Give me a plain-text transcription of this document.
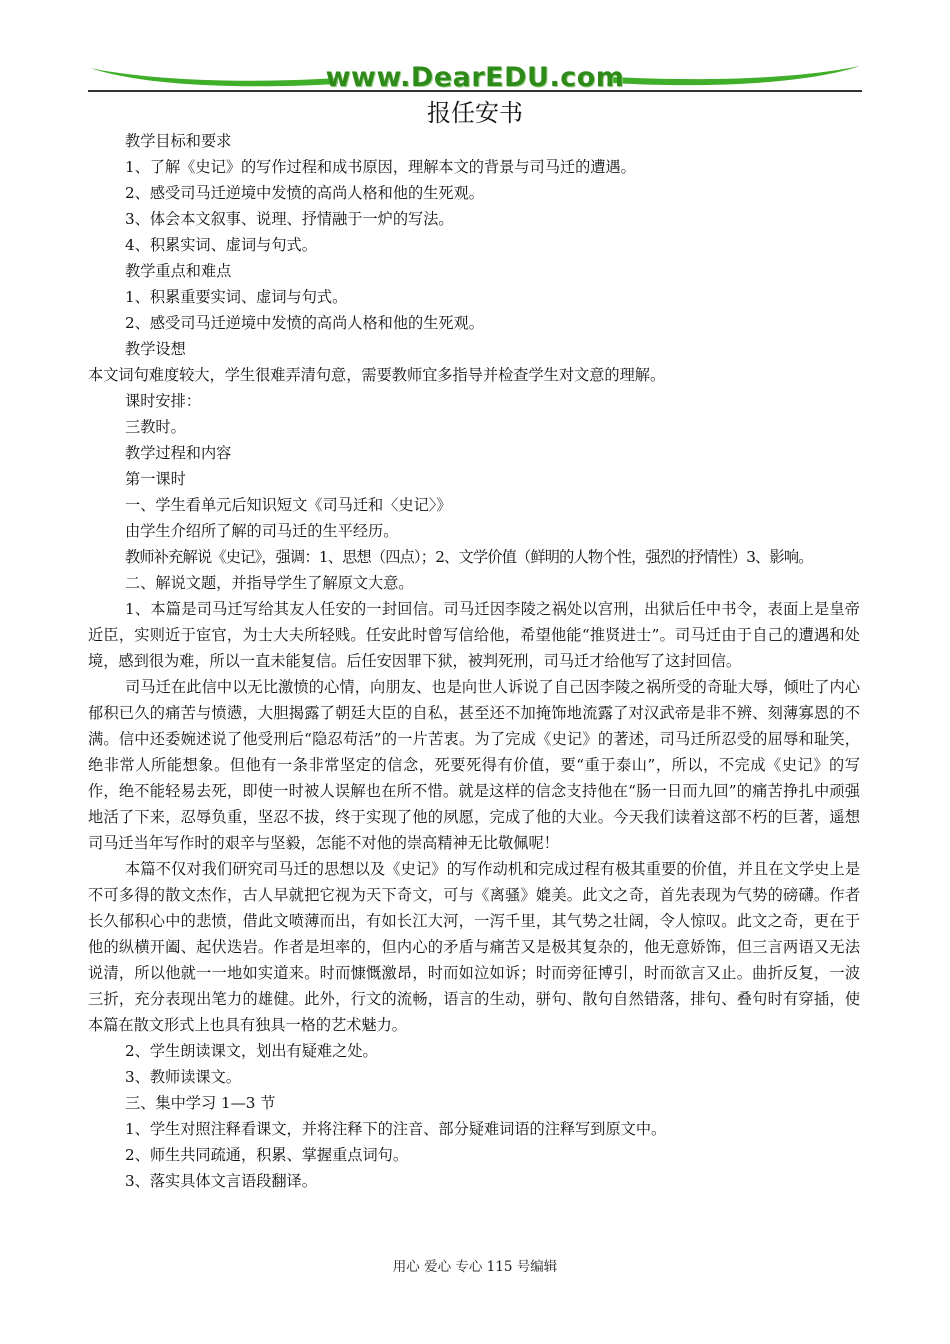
www.DearEDU.com
报任安书

教学目标和要求

1、了解《史记》的写作过程和成书原因，理解本文的背景与司马迁的遭遇。

2、感受司马迁逆境中发愤的高尚人格和他的生死观。

3、体会本文叙事、说理、抒情融于一炉的写法。

4、积累实词、虚词与句式。

教学重点和难点

1、积累重要实词、虚词与句式。

2、感受司马迁逆境中发愤的高尚人格和他的生死观。

教学设想

本文词句难度较大，学生很难弄清句意，需要教师宜多指导并检查学生对文意的理解。

课时安排：

三教时。

教学过程和内容

第一课时

一、学生看单元后知识短文《司马迁和〈史记〉》

由学生介绍所了解的司马迁的生平经历。

教师补充解说《史记》，强调：1、思想（四点）；2、文学价值（鲜明的人物个性，强烈的抒情性）3、影响。

二、解说文题，并指导学生了解原文大意。

1、本篇是司马迁写给其友人任安的一封回信。司马迁因李陵之祸处以宫刑，出狱后任中书令，表面上是皇帝近臣，实则近于宦官，为士大夫所轻贱。任安此时曾写信给他，希望他能“推贤进士”。司马迁由于自己的遭遇和处境，感到很为难，所以一直未能复信。后任安因罪下狱，被判死刑，司马迁才给他写了这封回信。

司马迁在此信中以无比激愤的心情，向朋友、也是向世人诉说了自己因李陵之祸所受的奇耻大辱，倾吐了内心郁积已久的痛苦与愤懑，大胆揭露了朝廷大臣的自私，甚至还不加掩饰地流露了对汉武帝是非不辨、刻薄寡恩的不满。信中还委婉述说了他受刑后“隐忍苟活”的一片苦衷。为了完成《史记》的著述，司马迁所忍受的屈辱和耻笑，绝非常人所能想象。但他有一条非常坚定的信念，死要死得有价值，要“重于泰山”，所以，不完成《史记》的写作，绝不能轻易去死，即使一时被人误解也在所不惜。就是这样的信念支持他在“肠一日而九回”的痛苦挣扎中顽强地活了下来，忍辱负重，坚忍不拔，终于实现了他的夙愿，完成了他的大业。今天我们读着这部不朽的巨著，遥想司马迁当年写作时的艰辛与坚毅，怎能不对他的崇高精神无比敬佩呢！

本篇不仅对我们研究司马迁的思想以及《史记》的写作动机和完成过程有极其重要的价值，并且在文学史上是不可多得的散文杰作，古人早就把它视为天下奇文，可与《离骚》媲美。此文之奇，首先表现为气势的磅礴。作者长久郁积心中的悲愤，借此文喷薄而出，有如长江大河，一泻千里，其气势之壮阔，令人惊叹。此文之奇，更在于他的纵横开阖、起伏迭岩。作者是坦率的，但内心的矛盾与痛苦又是极其复杂的，他无意娇饰，但三言两语又无法说清，所以他就一一地如实道来。时而慷慨激昂，时而如泣如诉；时而旁征博引，时而欲言又止。曲折反复，一波三折，充分表现出笔力的雄健。此外，行文的流畅，语言的生动，骈句、散句自然错落，排句、叠句时有穿插，使本篇在散文形式上也具有独具一格的艺术魅力。

2、学生朗读课文，划出有疑难之处。

3、教师读课文。

三、集中学习 1—3 节

1、学生对照注释看课文，并将注释下的注音、部分疑难词语的注释写到原文中。

2、师生共同疏通，积累、掌握重点词句。

3、落实具体文言语段翻译。

用心 爱心 专心 115 号编辑
